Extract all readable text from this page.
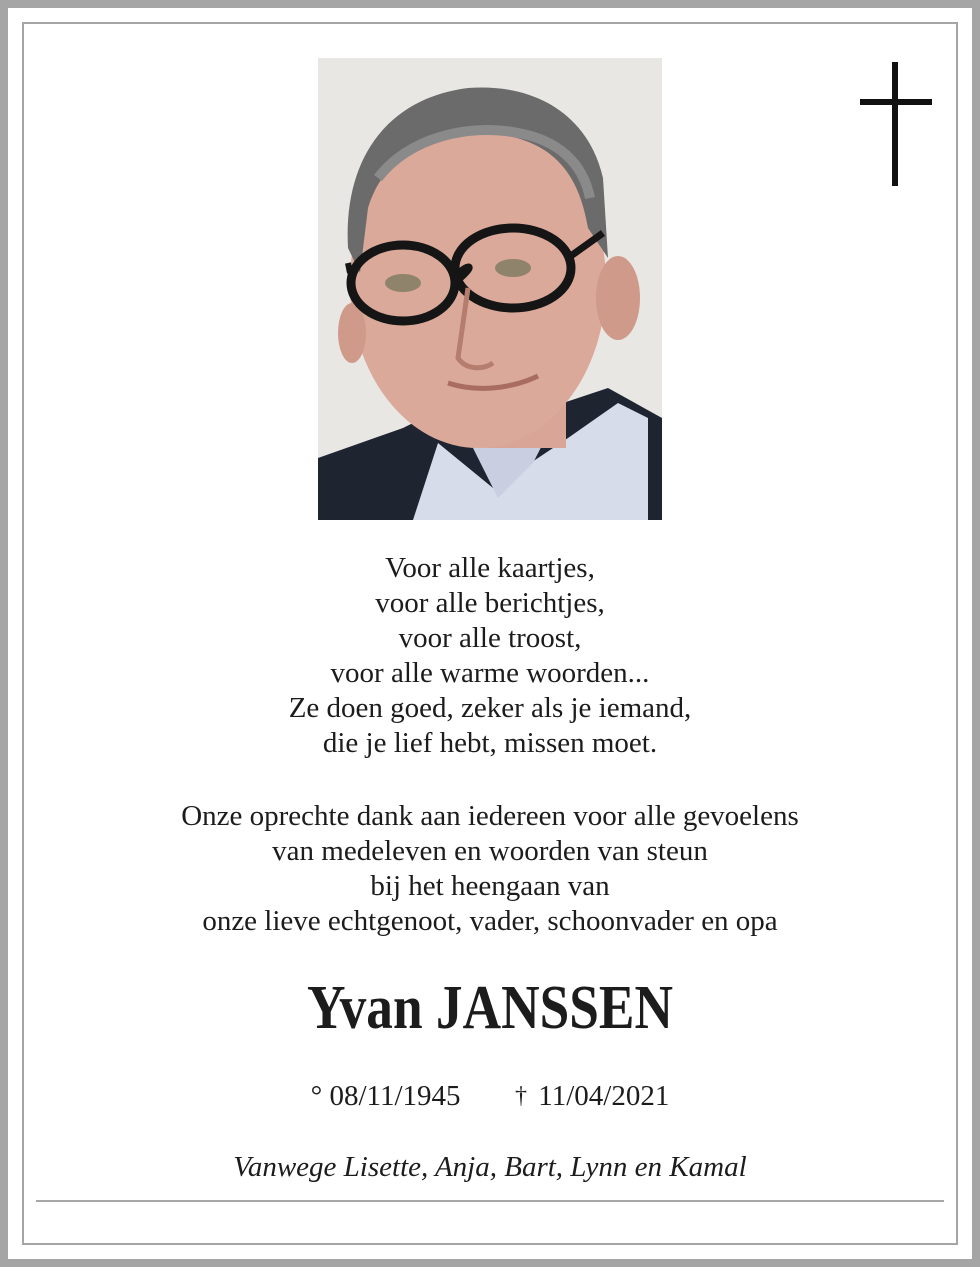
Voor alle kaartjes,
voor alle berichtjes,
voor alle troost,
voor alle warme woorden...
Ze doen goed, zeker als je iemand,
die je lief hebt, missen moet.
Onze oprechte dank aan iedereen voor alle gevoelens
van medeleven en woorden van steun
bij het heengaan van
onze lieve echtgenoot, vader, schoonvader en opa
Yvan JANSSEN
° 08/11/1945 † 11/04/2021
Vanwege Lisette, Anja, Bart, Lynn en Kamal
